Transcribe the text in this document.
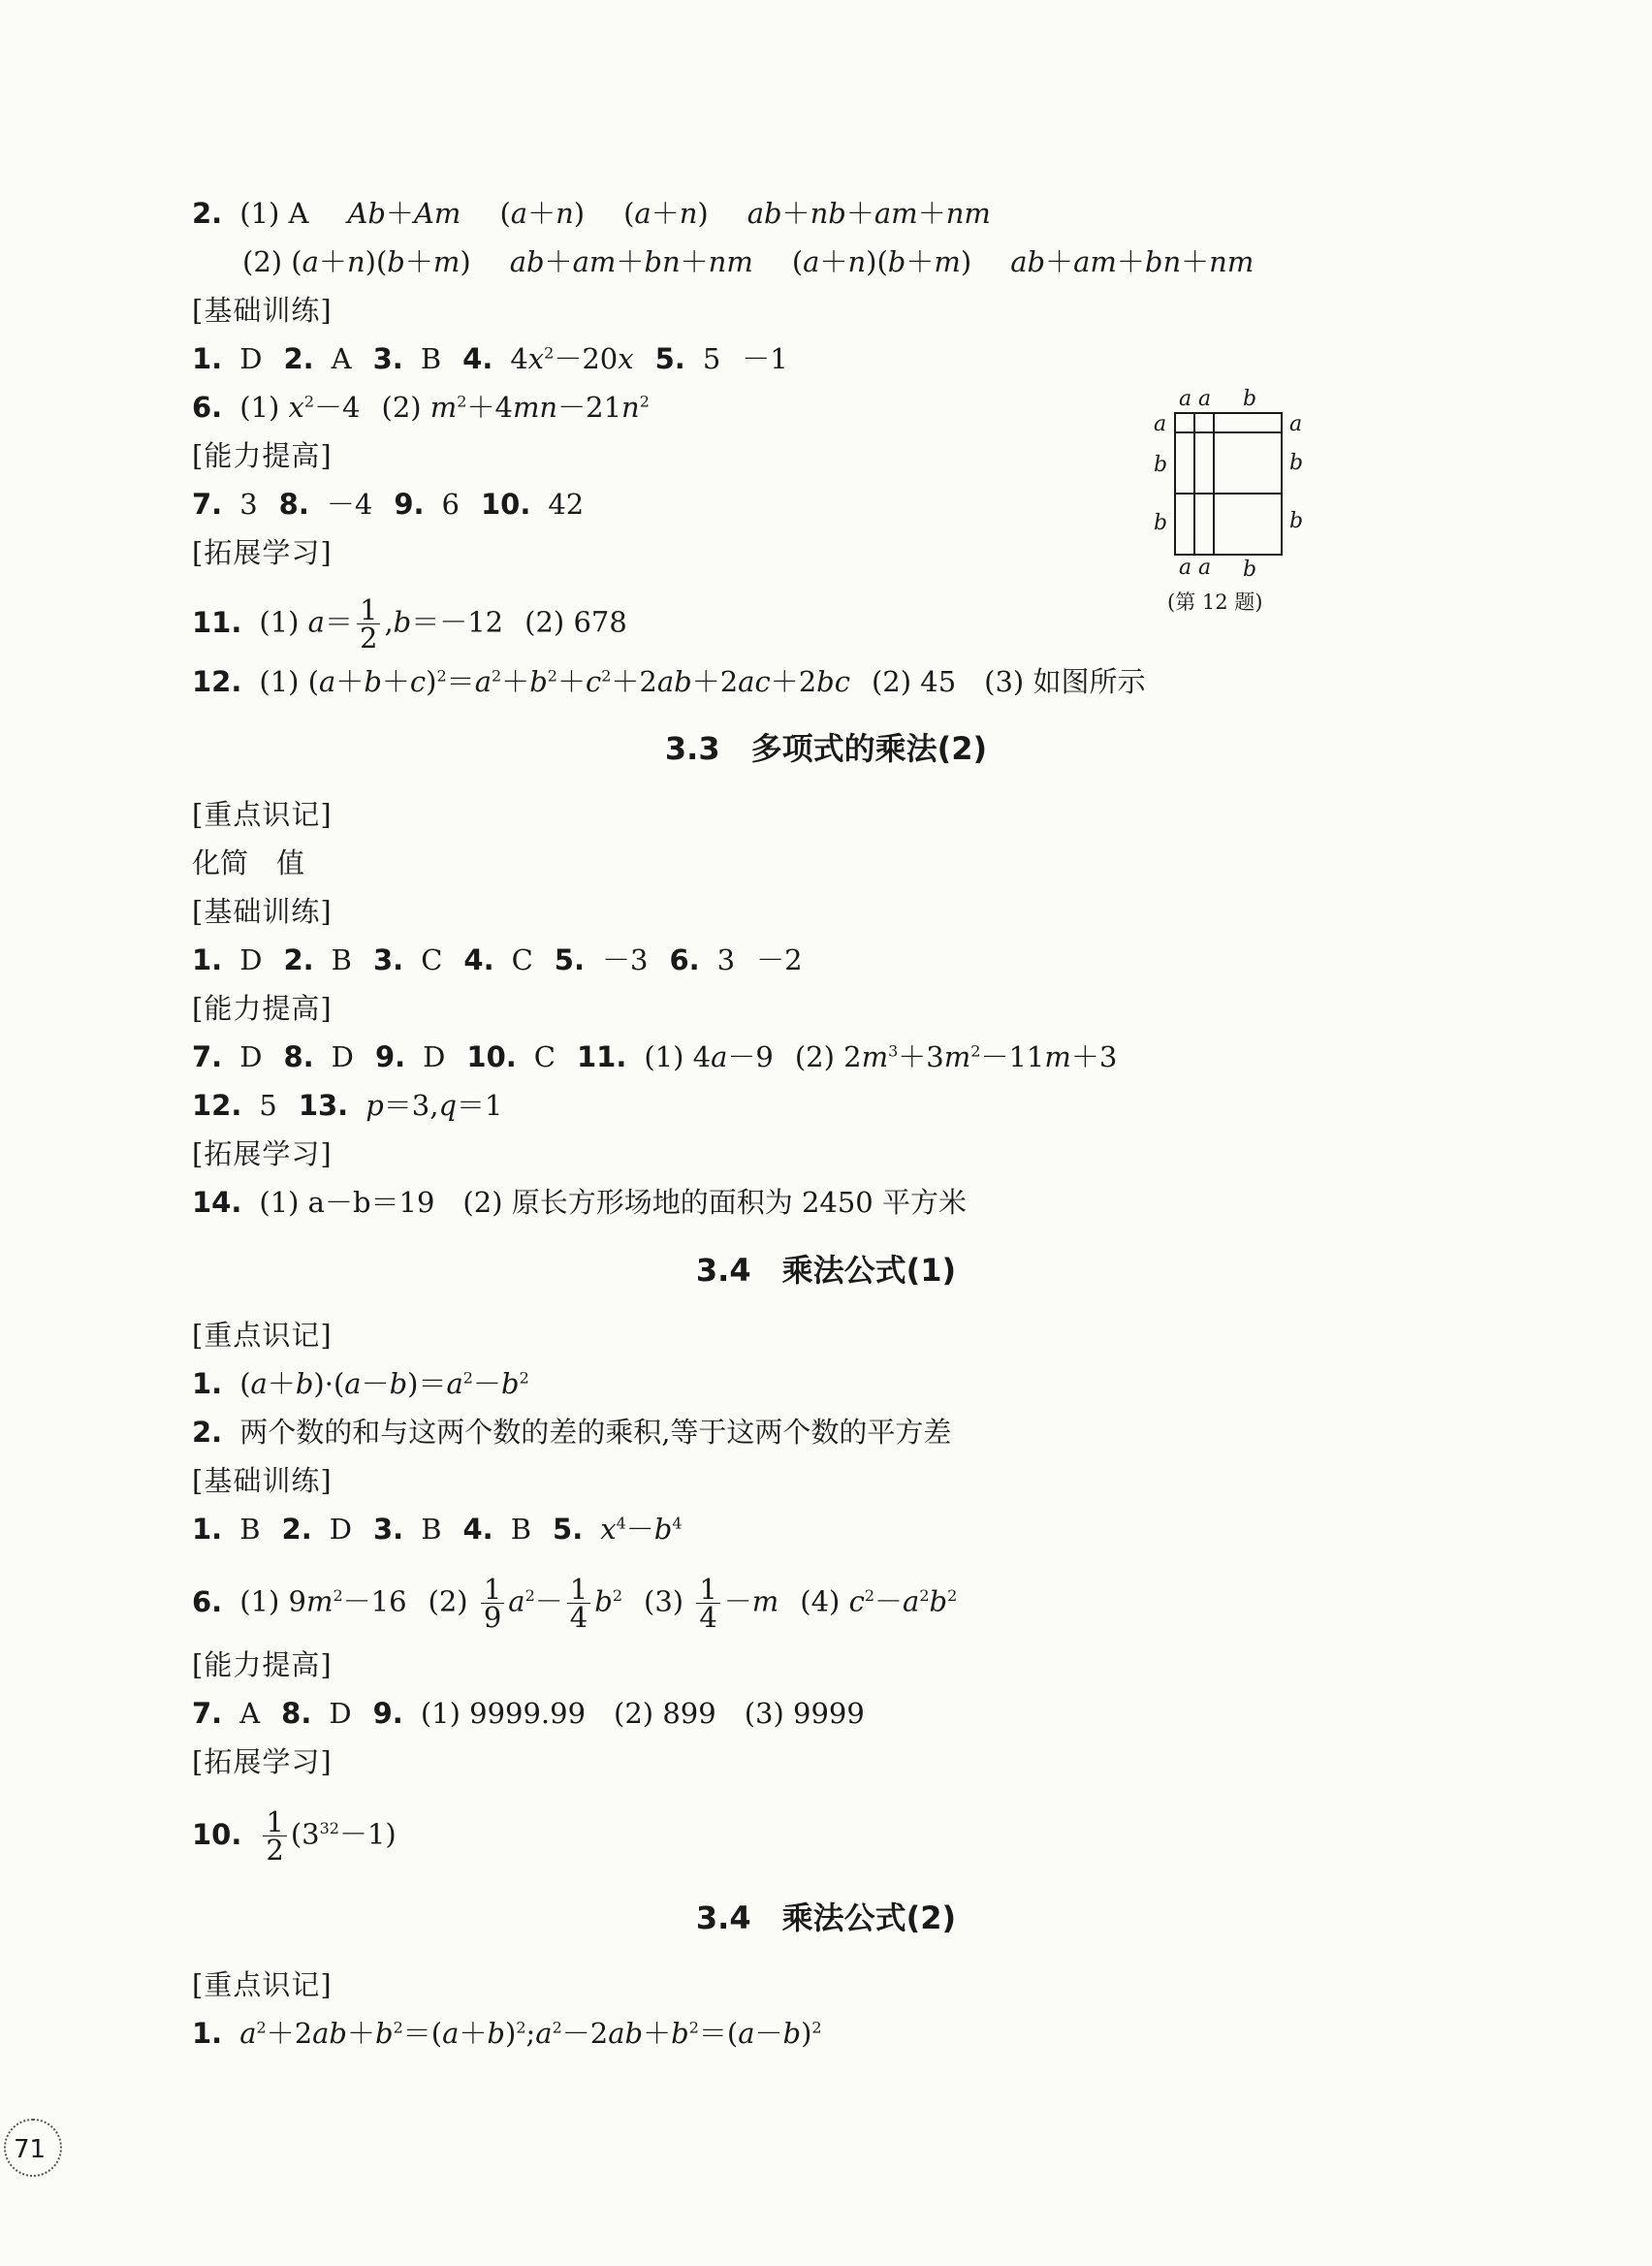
2. (1) A Ab＋Am (a＋n) (a＋n) ab＋nb＋am＋nm
(2) (a＋n)(b＋m) ab＋am＋bn＋nm (a＋n)(b＋m) ab＋am＋bn＋nm
[基础训练]
1. D 2. A 3. B 4. $4x^2-20x$ 5. 5 －1
6. (1) $x^2-4$ (2) $m^2+4mn-21n^2$
[能力提高]
7. 3 8. －4 9. 6 10. 42
[拓展学习]
11. (1) $a= \frac{1}{2} ,b=-12$ (2) 678
12. (1) $(a+b+c)^2=a^2+b^2+c^2+2ab+2ac+2bc$ (2) 45　(3) 如图所示
a a b
a
b
b
a
b
b
a a b
(第 12 题)
3.3　多项式的乘法(2)
[重点识记]
化简　值
[基础训练]
1. D 2. B 3. C 4. C 5. －3 6. 3 －2
[能力提高]
7. D 8. D 9. D 10. C 11. (1) 4a－9 (2) $2m^3+3m^2-11m+3$
12. 5 13. p＝3,q＝1
[拓展学习]
14. (1) a－b＝19　(2) 原长方形场地的面积为 2450 平方米
3.4　乘法公式(1)
[重点识记]
1. $(a+b)\cdot(a-b)=a^2-b^2$
2. 两个数的和与这两个数的差的乘积,等于这两个数的平方差
[基础训练]
1. B 2. D 3. B 4. B 5. $x^4-b^4$
6. (1) $9m^2-16$ $(2) \frac{1}{9} a^2- \frac{1}{4} b^2$ $(3) \frac{1}{4} -m$ (4) $c^2-a^2b^2$
[能力提高]
7. A 8. D 9. (1) 9999.99　(2) 899　(3) 9999
[拓展学习]
10. $\frac{1}{2} (3^{32}-1)$
3.4　乘法公式(2)
[重点识记]
1. $a^2+2ab+b^2=(a+b)^2;a^2-2ab+b^2=(a-b)^2$
71
